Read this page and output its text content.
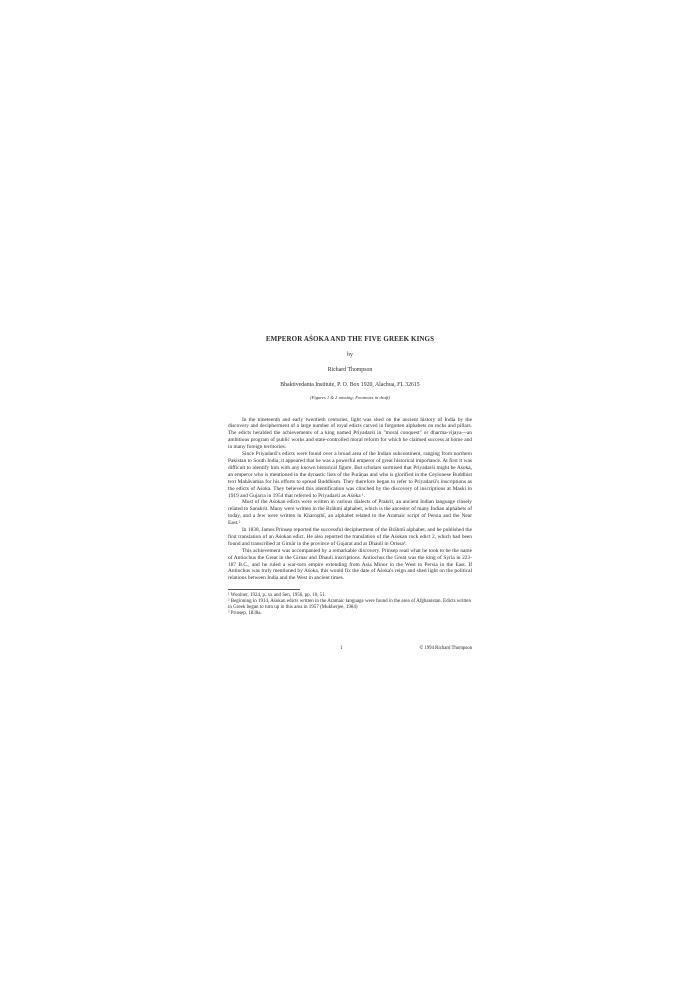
EMPEROR AŚOKA AND THE FIVE GREEK KINGS
by
Richard Thompson
Bhaktivedanta Institute, P. O. Box 1920, Alachua, FL 32615
(Figures 1 & 2 missing; Footnotes in draft)

In the nineteenth and early twentieth centuries, light was shed on the ancient history of India by the discovery and decipherment of a large number of royal edicts carved in forgotten alphabets on rocks and pillars. The edicts heralded the achievements of a king named Priyadarśi in "moral conquest" or dharma-vijaya—an ambitious program of public works and state-controlled moral reform for which he claimed success at home and in many foreign territories.

Since Priyadarśi's edicts were found over a broad area of the Indian subcontinent, ranging from northern Pakistan to South India, it appeared that he was a powerful emperor of great historical importance. At first it was difficult to identify him with any known historical figure. But scholars surmised that Priyadarśi might be Aśoka, an emperor who is mentioned in the dynastic lists of the Purāṇas and who is glorified in the Ceylonese Buddhist text Mahāvaṁsa for his efforts to spread Buddhism. They therefore began to refer to Priyadarśi's inscriptions as the edicts of Aśoka. They believed this identification was clinched by the discovery of inscriptions at Maski in 1919 and Gujarra in 1954 that referred to Priyadarśi as Aśoka ¹.

Most of the Aśokan edicts were written in various dialects of Prakrit, an ancient Indian language closely related to Sanskrit. Many were written in the Brāhmī alphabet, which is the ancestor of many Indian alphabets of today, and a few were written in Kharoṣṭhī, an alphabet related to the Aramaic script of Persia and the Near East.²

In 1838, James Prinsep reported the successful decipherment of the Brāhmī alphabet, and he published the first translation of an Aśokan edict. He also reported the translation of the Aśokan rock edict 2, which had been found and transcribed at Girnār in the province of Gujarat and at Dhauli in Orissa³.

This achievement was accompanied by a remarkable discovery. Prinsep read what he took to be the name of Antiochus the Great in the Girnar and Dhauli inscriptions. Antiochus the Great was the king of Syria in 223-187 B.C., and he ruled a war-torn empire extending from Asia Minor in the West to Persia in the East. If Antiochus was truly mentioned by Aśoka, this would fix the date of Aśoka's reign and shed light on the political relations between India and the West in ancient times.

¹ Woolner, 1924, p. xx and Sen, 1956, pp. 10, 51.

² Beginning in 1914, Aśokan edicts written in the Aramaic language were found in the area of Afghanistan. Edicts written in Greek began to turn up in this area in 1957 (Mukherjee, 1984)

³ Prinsep, 1838a.

1	© 1994 Richard Thompson
